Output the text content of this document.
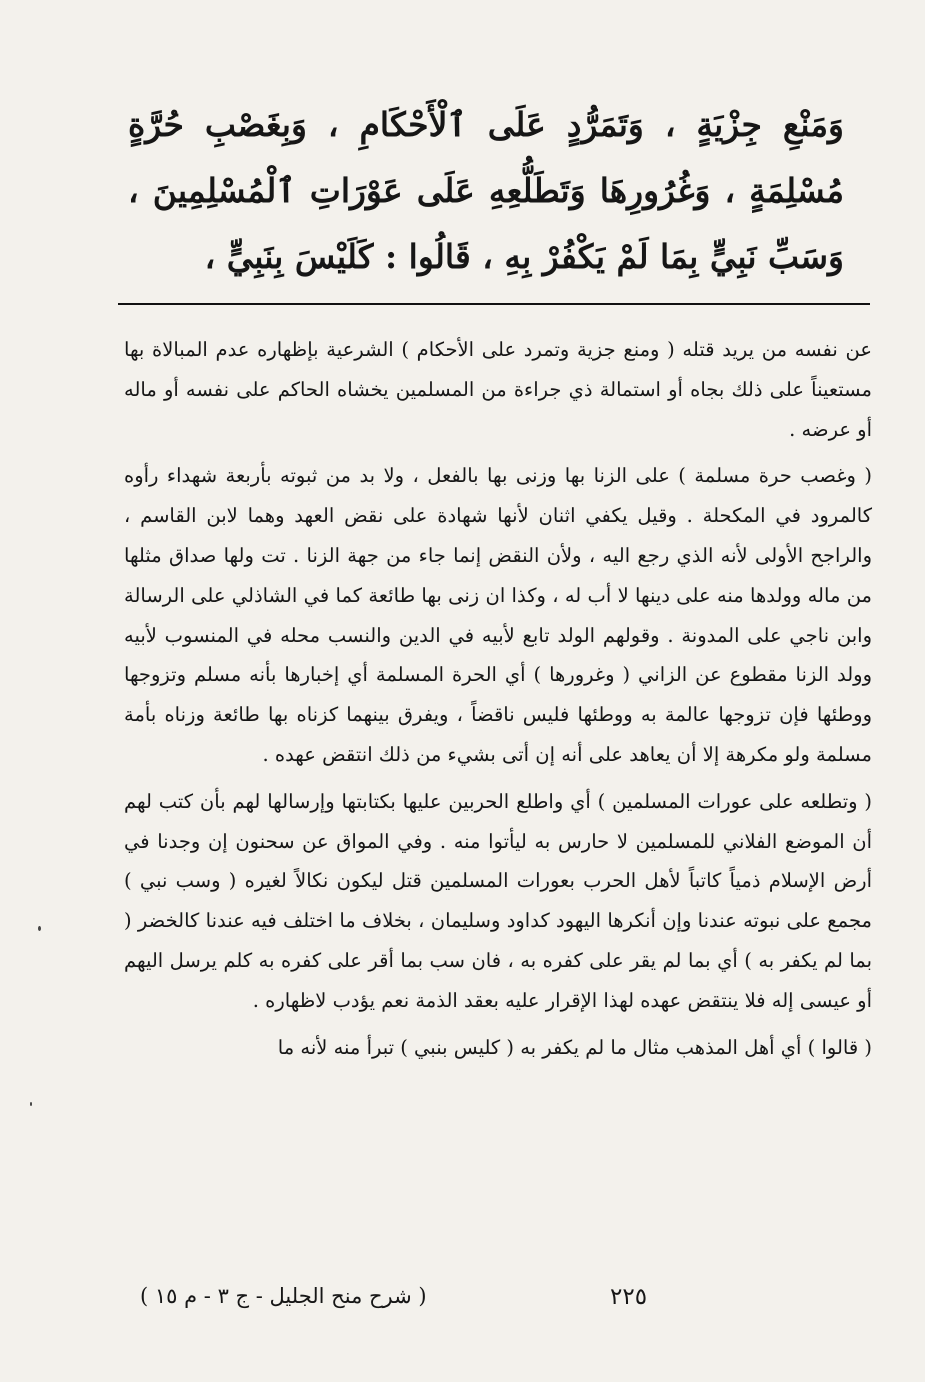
وَمَنْعِ جِزْيَةٍ ، وَتَمَرُّدٍ عَلَى ٱلْأَحْكَامِ ، وَبِغَصْبِ حُرَّةٍ مُسْلِمَةٍ ، وَغُرُورِهَا وَتَطَلُّعِهِ عَلَى عَوْرَاتِ ٱلْمُسْلِمِينَ ، وَسَبِّ نَبِيٍّ بِمَا لَمْ يَكْفُرْ بِهِ ، قَالُوا : كَلَيْسَ بِنَبِيٍّ ،

عن نفسه من يريد قتله ( ومنع جزية وتمرد على الأحكام ) الشرعية بإظهاره عدم المبالاة بها مستعيناً على ذلك بجاه أو استمالة ذي جراءة من المسلمين يخشاه الحاكم على نفسه أو ماله أو عرضه .

( وغصب حرة مسلمة ) على الزنا بها وزنى بها بالفعل ، ولا بد من ثبوته بأربعة شهداء رأوه كالمرود في المكحلة . وقيل يكفي اثنان لأنها شهادة على نقض العهد وهما لابن القاسم ، والراجح الأولى لأنه الذي رجع اليه ، ولأن النقض إنما جاء من جهة الزنا . تت ولها صداق مثلها من ماله وولدها منه على دينها لا أب له ، وكذا ان زنى بها طائعة كما في الشاذلي على الرسالة وابن ناجي على المدونة . وقولهم الولد تابع لأبيه في الدين والنسب محله في المنسوب لأبيه وولد الزنا مقطوع عن الزاني ( وغرورها ) أي الحرة المسلمة أي إخبارها بأنه مسلم وتزوجها ووطئها فإن تزوجها عالمة به ووطئها فليس ناقضاً ، ويفرق بينهما كزناه بها طائعة وزناه بأمة مسلمة ولو مكرهة إلا أن يعاهد على أنه إن أتى بشيء من ذلك انتقض عهده .

( وتطلعه على عورات المسلمين ) أي واطلع الحربين عليها بكتابتها وإرسالها لهم بأن كتب لهم أن الموضع الفلاني للمسلمين لا حارس به ليأتوا منه . وفي المواق عن سحنون إن وجدنا في أرض الإسلام ذمياً كاتباً لأهل الحرب بعورات المسلمين قتل ليكون نكالاً لغيره ( وسب نبي ) مجمع على نبوته عندنا وإن أنكرها اليهود كداود وسليمان ، بخلاف ما اختلف فيه عندنا كالخضر ( بما لم يكفر به ) أي بما لم يقر على كفره به ، فان سب بما أقر على كفره به كلم يرسل اليهم أو عيسى إله فلا ينتقض عهده لهذا الإقرار عليه بعقد الذمة نعم يؤدب لاظهاره .

( قالوا ) أي أهل المذهب مثال ما لم يكفر به ( كليس بنبي ) تبرأ منه لأنه ما

٢٢٥
( شرح منح الجليل - ج ٣ - م ١٥ )
